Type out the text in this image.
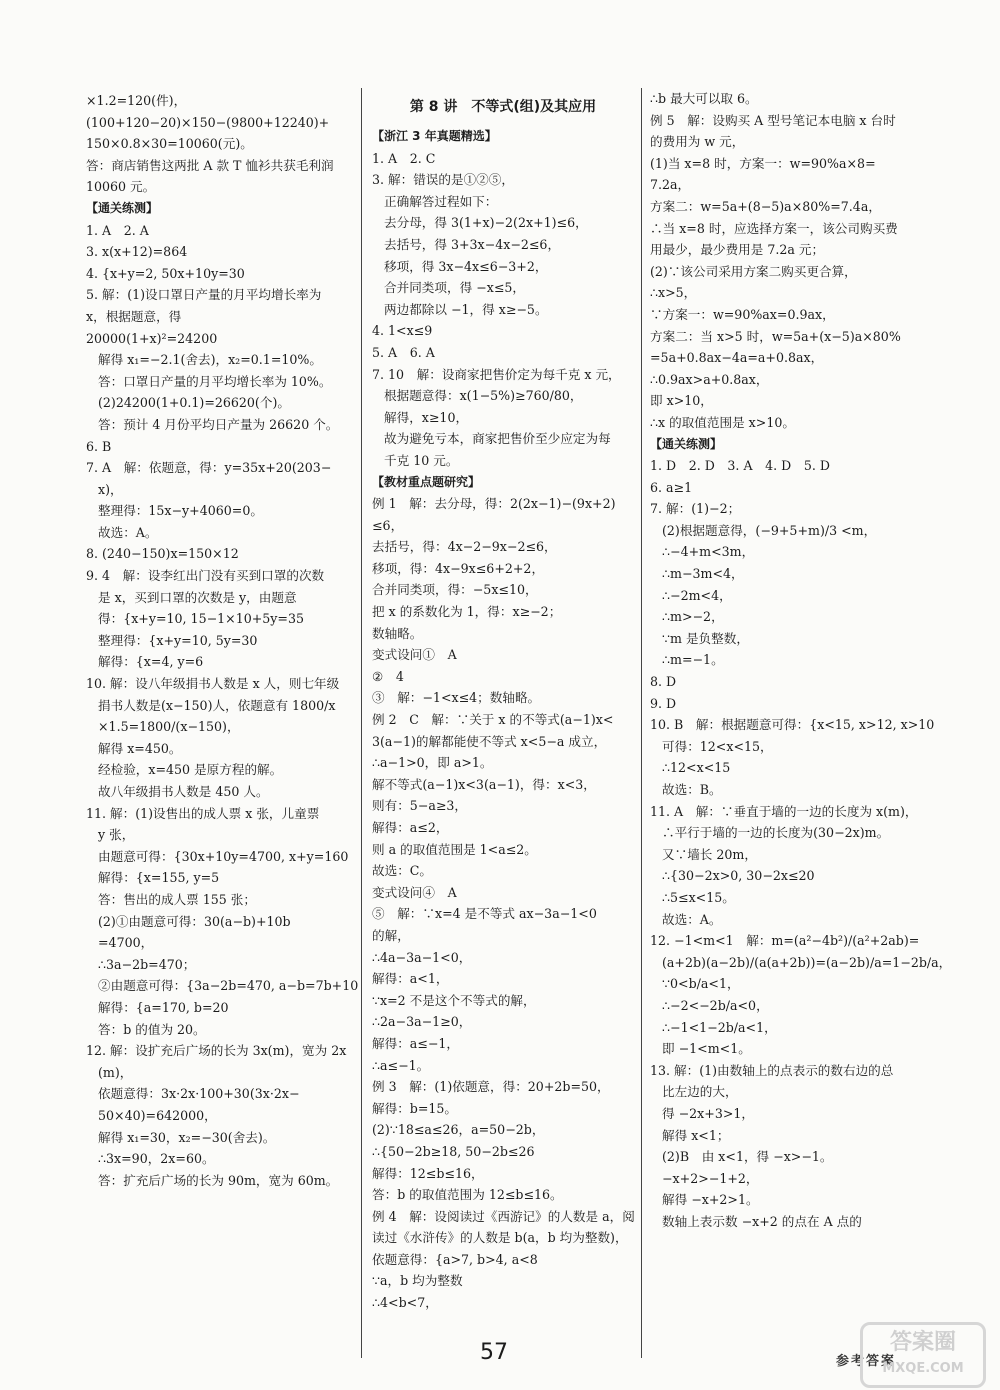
×1.2=120(件)，
(100+120−20)×150−(9800+12240)+
150×0.8×30=10060(元)。
答：商店销售这两批 A 款 T 恤衫共获毛利润
10060 元。
【通关练测】
1. A　2. A
3. x(x+12)=864
4. {x+y=2, 50x+10y=30
5. 解：(1)设口罩日产量的月平均增长率为
x，根据题意，得
20000(1+x)²=24200
解得 x₁=−2.1(舍去)，x₂=0.1=10%。
答：口罩日产量的月平均增长率为 10%。
(2)24200(1+0.1)=26620(个)。
答：预计 4 月份平均日产量为 26620 个。
6. B
7. A　解：依题意，得：y=35x+20(203−
x)，
整理得：15x−y+4060=0。
故选：A。
8. (240−150)x=150×12
9. 4　解：设李红出门没有买到口罩的次数
是 x，买到口罩的次数是 y，由题意
得：{x+y=10, 15−1×10+5y=35
整理得：{x+y=10, 5y=30
解得：{x=4, y=6
10. 解：设八年级捐书人数是 x 人，则七年级
捐书人数是(x−150)人，依题意有 1800/x
×1.5=1800/(x−150)，
解得 x=450。
经检验，x=450 是原方程的解。
故八年级捐书人数是 450 人。
11. 解：(1)设售出的成人票 x 张，儿童票
y 张，
由题意可得：{30x+10y=4700, x+y=160
解得：{x=155, y=5
答：售出的成人票 155 张；
(2)①由题意可得：30(a−b)+10b
=4700，
∴3a−2b=470；
②由题意可得：{3a−2b=470, a−b=7b+10
解得：{a=170, b=20
答：b 的值为 20。
12. 解：设扩充后广场的长为 3x(m)，宽为 2x
(m)，
依题意得：3x·2x·100+30(3x·2x−
50×40)=642000，
解得 x₁=30，x₂=−30(舍去)。
∴3x=90，2x=60。
答：扩充后广场的长为 90m，宽为 60m。
第 8 讲　不等式(组)及其应用
【浙江 3 年真题精选】
1. A　2. C
3. 解：错误的是①②⑤，
正确解答过程如下：
去分母，得 3(1+x)−2(2x+1)≤6，
去括号，得 3+3x−4x−2≤6，
移项，得 3x−4x≤6−3+2，
合并同类项，得 −x≤5，
两边都除以 −1，得 x≥−5。
4. 1<x≤9
5. A　6. A
7. 10　解：设商家把售价定为每千克 x 元，
根据题意得：x(1−5%)≥760/80，
解得，x≥10，
故为避免亏本，商家把售价至少应定为每
千克 10 元。
【教材重点题研究】
例 1　解：去分母，得：2(2x−1)−(9x+2)
≤6，
去括号，得：4x−2−9x−2≤6，
移项，得：4x−9x≤6+2+2，
合并同类项，得：−5x≤10，
把 x 的系数化为 1，得：x≥−2；
数轴略。
变式设问①　A
②　4
③　解：−1<x≤4；数轴略。
例 2　C　解：∵关于 x 的不等式(a−1)x<
3(a−1)的解都能使不等式 x<5−a 成立，
∴a−1>0，即 a>1。
解不等式(a−1)x<3(a−1)，得：x<3，
则有：5−a≥3，
解得：a≤2，
则 a 的取值范围是 1<a≤2。
故选：C。
变式设问④　A
⑤　解：∵x=4 是不等式 ax−3a−1<0
的解，
∴4a−3a−1<0，
解得：a<1，
∵x=2 不是这个不等式的解，
∴2a−3a−1≥0，
解得：a≤−1，
∴a≤−1。
例 3　解：(1)依题意，得：20+2b=50，
解得：b=15。
(2)∵18≤a≤26，a=50−2b，
∴{50−2b≥18, 50−2b≤26
解得：12≤b≤16，
答：b 的取值范围为 12≤b≤16。
例 4　解：设阅读过《西游记》的人数是 a，阅
读过《水浒传》的人数是 b(a，b 均为整数)，
依题意得：{a>7, b>4, a<8
∵a，b 均为整数
∴4<b<7，
∴b 最大可以取 6。
例 5　解：设购买 A 型号笔记本电脑 x 台时
的费用为 w 元，
(1)当 x=8 时，方案一：w=90%a×8=
7.2a，
方案二：w=5a+(8−5)a×80%=7.4a，
∴当 x=8 时，应选择方案一，该公司购买费
用最少，最少费用是 7.2a 元；
(2)∵该公司采用方案二购买更合算，
∴x>5，
∵方案一：w=90%ax=0.9ax，
方案二：当 x>5 时，w=5a+(x−5)a×80%
=5a+0.8ax−4a=a+0.8ax，
∴0.9ax>a+0.8ax，
即 x>10，
∴x 的取值范围是 x>10。
【通关练测】
1. D　2. D　3. A　4. D　5. D
6. a≥1
7. 解：(1)−2；
(2)根据题意得，(−9+5+m)/3 <m，
∴−4+m<3m，
∴m−3m<4，
∴−2m<4，
∴m>−2，
∵m 是负整数，
∴m=−1。
8. D
9. D
10. B　解：根据题意可得：{x<15, x>12, x>10
可得：12<x<15，
∴12<x<15
故选：B。
11. A　解：∵垂直于墙的一边的长度为 x(m)，
∴平行于墙的一边的长度为(30−2x)m。
又∵墙长 20m，
∴{30−2x>0, 30−2x≤20
∴5≤x<15。
故选：A。
12. −1<m<1　解：m=(a²−4b²)/(a²+2ab)=
(a+2b)(a−2b)/(a(a+2b))=(a−2b)/a=1−2b/a，
∵0<b/a<1，
∴−2<−2b/a<0，
∴−1<1−2b/a<1，
即 −1<m<1。
13. 解：(1)由数轴上的点表示的数右边的总
比左边的大，
得 −2x+3>1，
解得 x<1；
(2)B　由 x<1，得 −x>−1。
−x+2>−1+2，
解得 −x+2>1。
数轴上表示数 −x+2 的点在 A 点的
57	参考答案
答案圈
MXQE.COM
